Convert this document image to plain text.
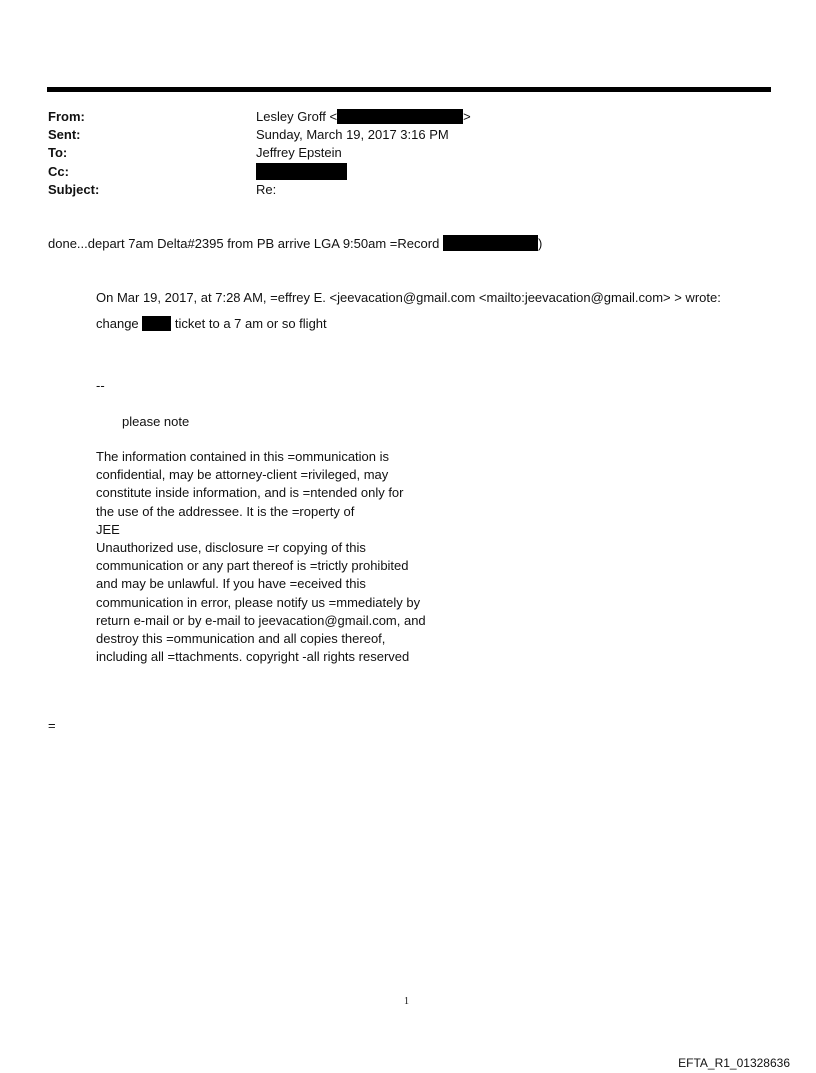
From:	Lesley Groff <	>
Sent:	Sunday, March 19, 2017 3:16 PM
To:	Jeffrey Epstein
Cc:
Subject:	Re:
done...depart 7am Delta#2395 from PB arrive LGA 9:50am =Record	)
On Mar 19, 2017, at 7:28 AM, =effrey E. <jeevacation@gmail.com <mailto:jeevacation@gmail.com> > wrote:
change	ticket to a 7 am or so flight
--
please note
The information contained in this =ommunication is
confidential, may be attorney-client =rivileged, may
constitute inside information, and is =ntended only for
the use of the addressee. It is the =roperty of
JEE
Unauthorized use, disclosure =r copying of this
communication or any part thereof is =trictly prohibited
and may be unlawful. If you have =eceived this
communication in error, please notify us =mmediately by
return e-mail or by e-mail to jeevacation@gmail.com, and
destroy this =ommunication and all copies thereof,
including all =ttachments. copyright -all rights reserved
=
1
EFTA_R1_01328636
